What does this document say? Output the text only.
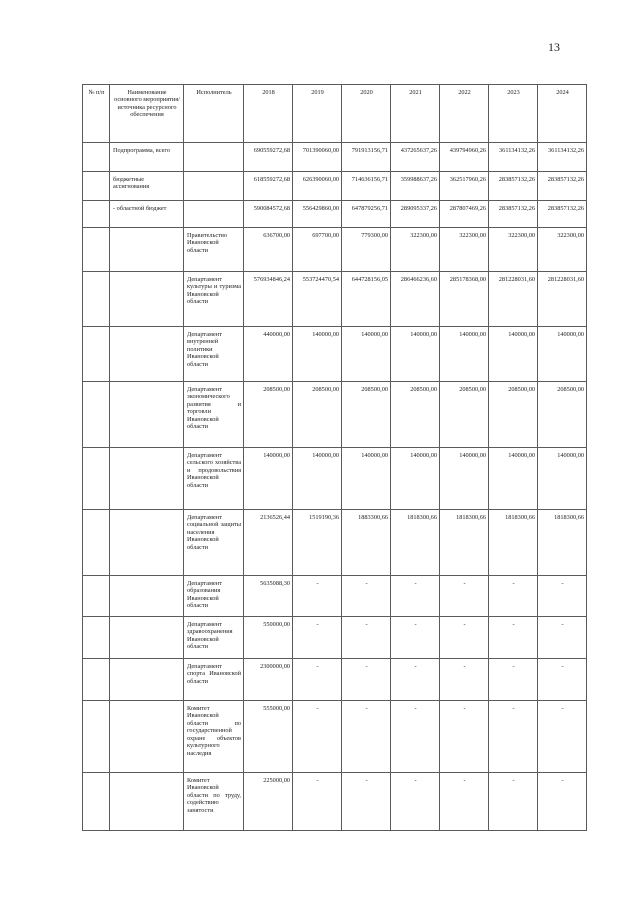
13
№ п/п	Наименование основного мероприятия/источника ресурсного обеспечения	Исполнитель	2018	2019	2020	2021	2022	2023	2024
	Подпрограмма, всего		690559272,68	701390060,00	791913156,71	437265637,26	439794960,26	361134132,26	361134132,26
	бюджетные ассигнования		618559272,68	626390060,00	714636156,71	359988637,26	362517960,26	283857132,26	283857132,26
	- областной бюджет		590084572,68	556429860,00	647879256,71	289095337,26	287807469,26	283857132,26	283857132,26
		Правительство Ивановской области	636700,00	697700,00	779300,00	322300,00	322300,00	322300,00	322300,00
		Департамент культуры и туризма Ивановской области	576934846,24	553724470,54	644728156,05	286466236,60	285178368,00	281228031,60	281228031,60
		Департамент внутренней политики Ивановской области	440000,00	140000,00	140000,00	140000,00	140000,00	140000,00	140000,00
		Департамент экономического развития и торговли Ивановской области	208500,00	208500,00	208500,00	208500,00	208500,00	208500,00	208500,00
		Департамент сельского хозяйства и продовольствия Ивановской области	140000,00	140000,00	140000,00	140000,00	140000,00	140000,00	140000,00
		Департамент социальной защиты населения Ивановской области	2136526,44	1519190,36	1883300,66	1818300,66	1818300,66	1818300,66	1818300,66
		Департамент образования Ивановской области	5635088,30	-	-	-	-	-	-
		Департамент здравоохранения Ивановской области	550000,00	-	-	-	-	-	-
		Департамент спорта Ивановской области	2300000,00	-	-	-	-	-	-
		Комитет Ивановской области по государственной охране объектов культурного наследия	555000,00	-	-	-	-	-	-
		Комитет Ивановской области по труду, содействию занятости	225000,00	-	-	-	-	-	-
